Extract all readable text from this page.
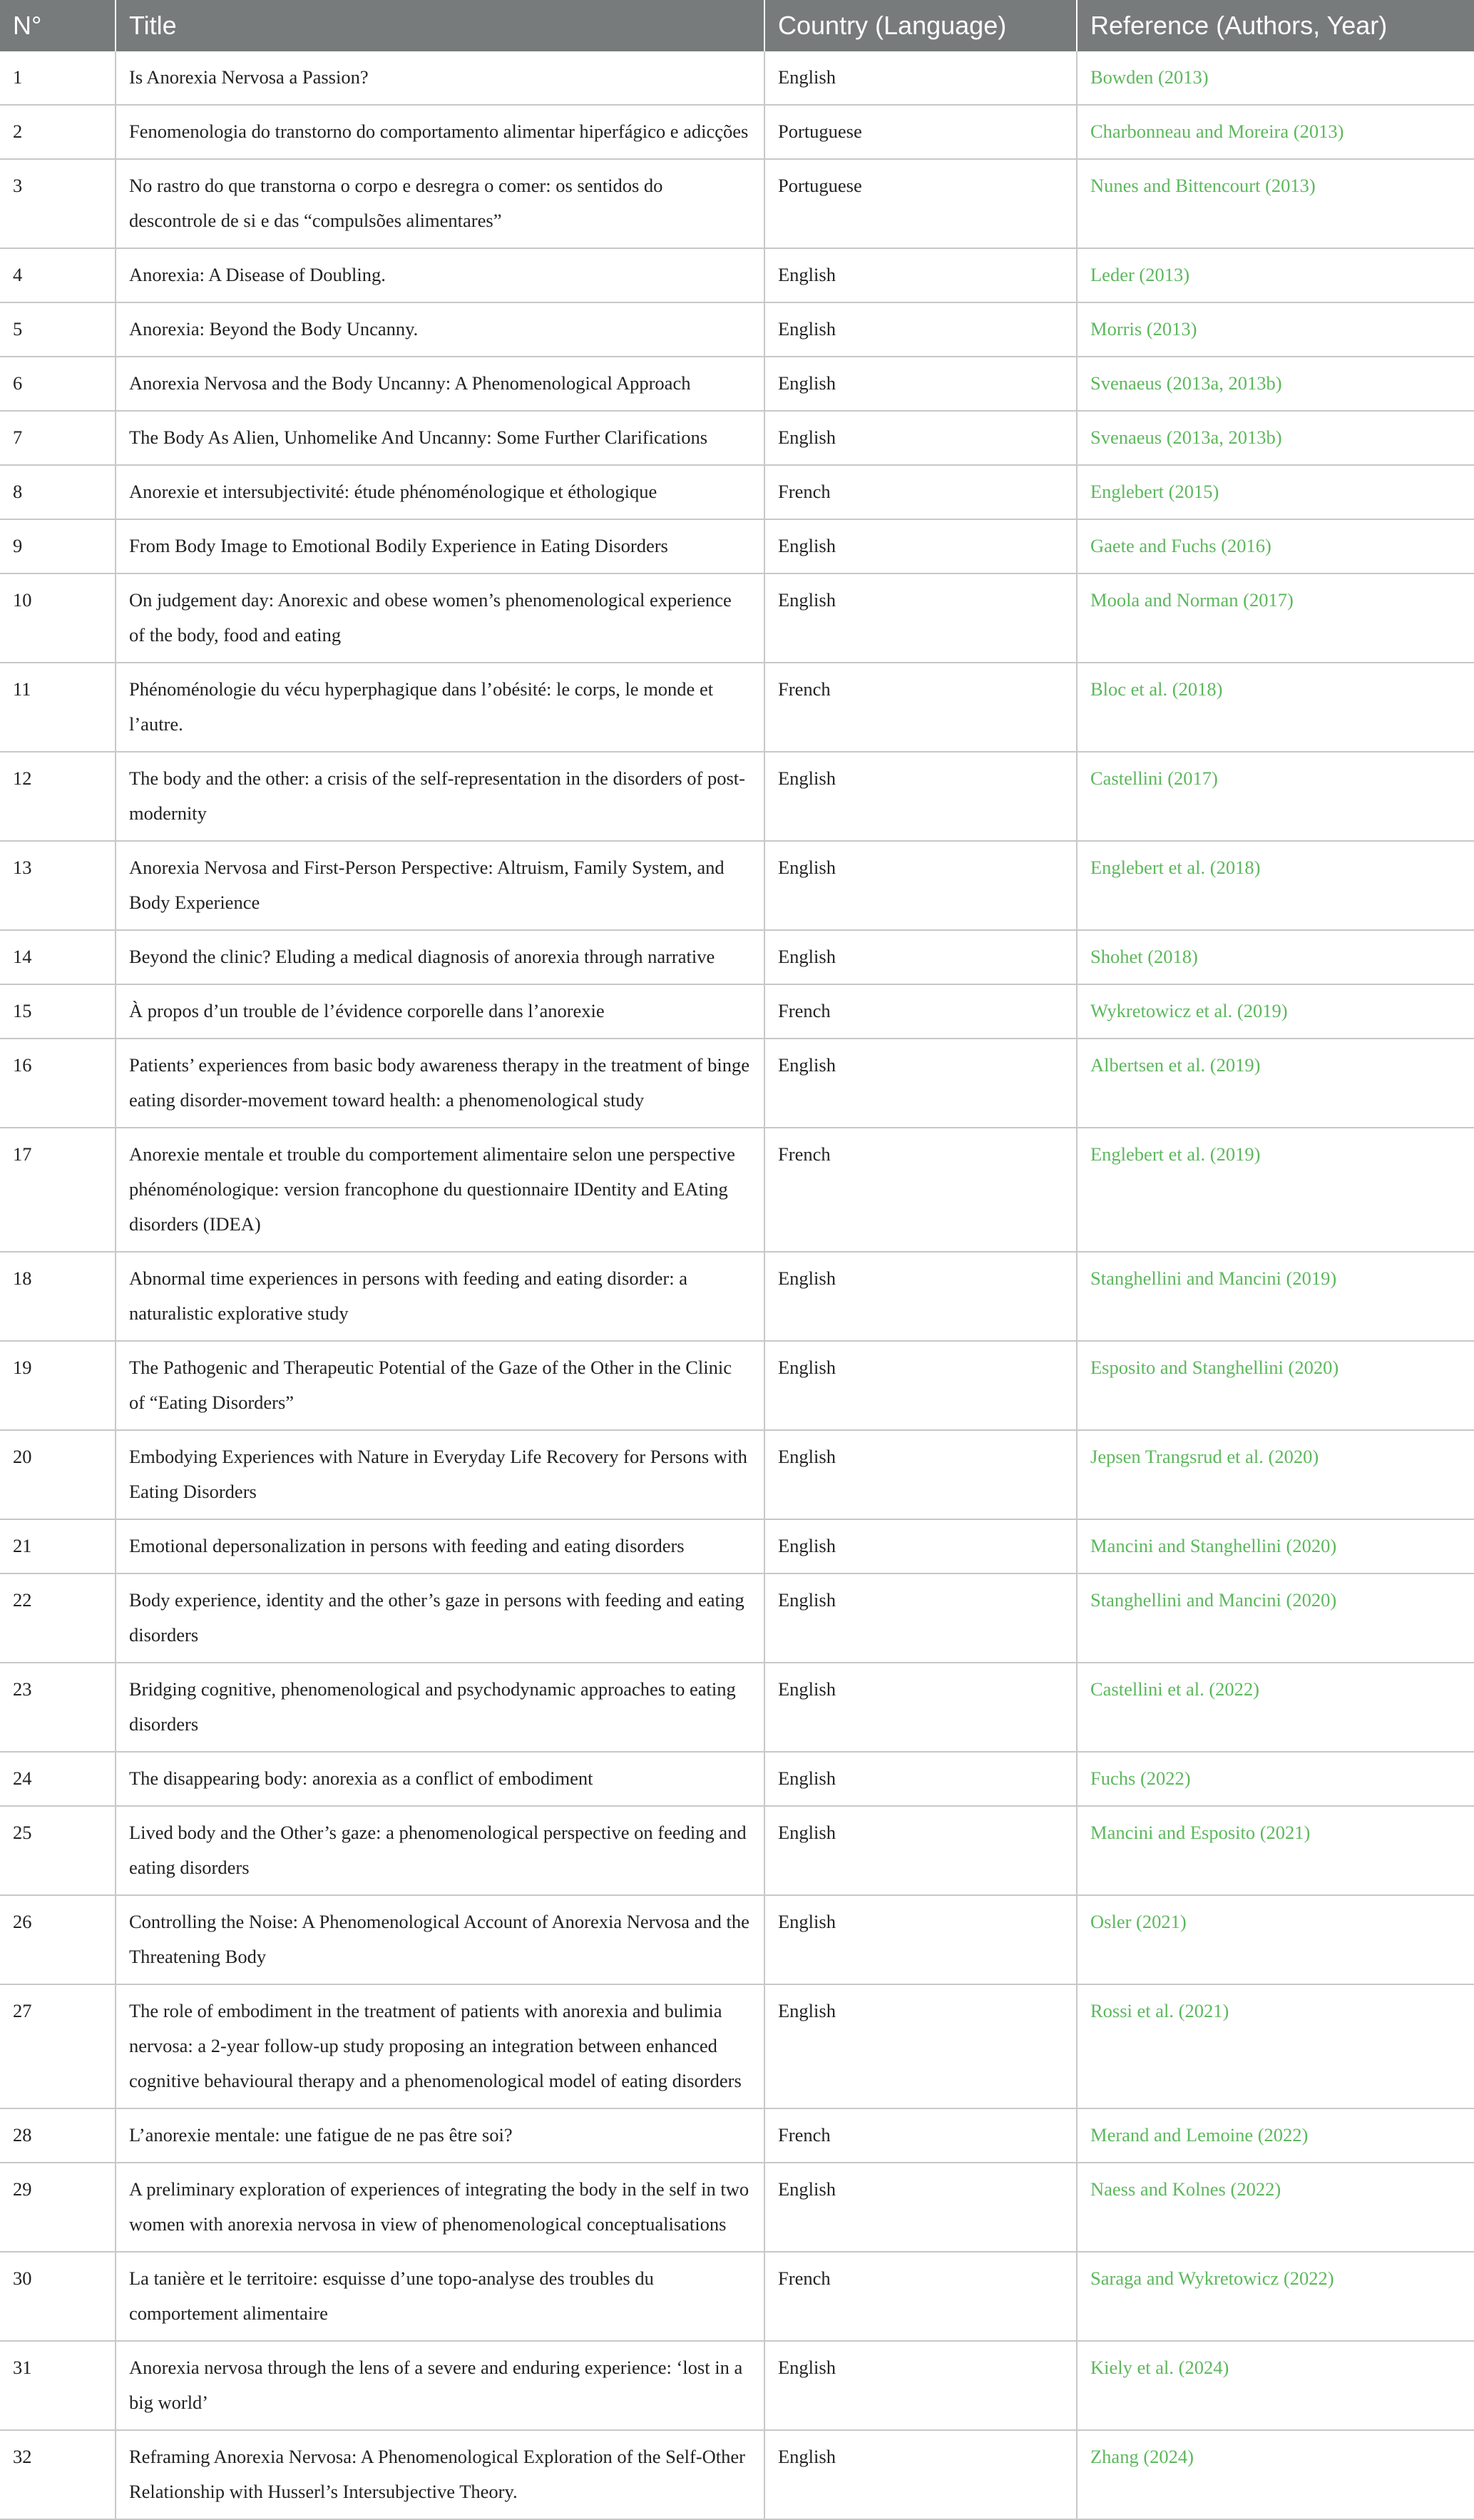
N°	Title	Country (Language)	Reference (Authors, Year)
1	Is Anorexia Nervosa a Passion?	English	Bowden (2013)
2	Fenomenologia do transtorno do comportamento alimentar hiperfágico e adicções	Portuguese	Charbonneau and Moreira (2013)
3	No rastro do que transtorna o corpo e desregra o comer: os sentidos do descontrole de si e das “compulsões alimentares”	Portuguese	Nunes and Bittencourt (2013)
4	Anorexia: A Disease of Doubling.	English	Leder (2013)
5	Anorexia: Beyond the Body Uncanny.	English	Morris (2013)
6	Anorexia Nervosa and the Body Uncanny: A Phenomenological Approach	English	Svenaeus (2013a, 2013b)
7	The Body As Alien, Unhomelike And Uncanny: Some Further Clarifications	English	Svenaeus (2013a, 2013b)
8	Anorexie et intersubjectivité: étude phénoménologique et éthologique	French	Englebert (2015)
9	From Body Image to Emotional Bodily Experience in Eating Disorders	English	Gaete and Fuchs (2016)
10	On judgement day: Anorexic and obese women’s phenomenological experience of the body, food and eating	English	Moola and Norman (2017)
11	Phénoménologie du vécu hyperphagique dans l’obésité: le corps, le monde et l’autre.	French	Bloc et al. (2018)
12	The body and the other: a crisis of the self-representation in the disorders of post-modernity	English	Castellini (2017)
13	Anorexia Nervosa and First-Person Perspective: Altruism, Family System, and Body Experience	English	Englebert et al. (2018)
14	Beyond the clinic? Eluding a medical diagnosis of anorexia through narrative	English	Shohet (2018)
15	À propos d’un trouble de l’évidence corporelle dans l’anorexie	French	Wykretowicz et al. (2019)
16	Patients’ experiences from basic body awareness therapy in the treatment of binge eating disorder-movement toward health: a phenomenological study	English	Albertsen et al. (2019)
17	Anorexie mentale et trouble du comportement alimentaire selon une perspective phénoménologique: version francophone du questionnaire IDentity and EAting disorders (IDEA)	French	Englebert et al. (2019)
18	Abnormal time experiences in persons with feeding and eating disorder: a naturalistic explorative study	English	Stanghellini and Mancini (2019)
19	The Pathogenic and Therapeutic Potential of the Gaze of the Other in the Clinic of “Eating Disorders”	English	Esposito and Stanghellini (2020)
20	Embodying Experiences with Nature in Everyday Life Recovery for Persons with Eating Disorders	English	Jepsen Trangsrud et al. (2020)
21	Emotional depersonalization in persons with feeding and eating disorders	English	Mancini and Stanghellini (2020)
22	Body experience, identity and the other’s gaze in persons with feeding and eating disorders	English	Stanghellini and Mancini (2020)
23	Bridging cognitive, phenomenological and psychodynamic approaches to eating disorders	English	Castellini et al. (2022)
24	The disappearing body: anorexia as a conflict of embodiment	English	Fuchs (2022)
25	Lived body and the Other’s gaze: a phenomenological perspective on feeding and eating disorders	English	Mancini and Esposito (2021)
26	Controlling the Noise: A Phenomenological Account of Anorexia Nervosa and the Threatening Body	English	Osler (2021)
27	The role of embodiment in the treatment of patients with anorexia and bulimia nervosa: a 2-year follow-up study proposing an integration between enhanced cognitive behavioural therapy and a phenomenological model of eating disorders	English	Rossi et al. (2021)
28	L’anorexie mentale: une fatigue de ne pas être soi?	French	Merand and Lemoine (2022)
29	A preliminary exploration of experiences of integrating the body in the self in two women with anorexia nervosa in view of phenomenological conceptualisations	English	Naess and Kolnes (2022)
30	La tanière et le territoire: esquisse d’une topo-analyse des troubles du comportement alimentaire	French	Saraga and Wykretowicz (2022)
31	Anorexia nervosa through the lens of a severe and enduring experience: ‘lost in a big world’	English	Kiely et al. (2024)
32	Reframing Anorexia Nervosa: A Phenomenological Exploration of the Self-Other Relationship with Husserl’s Intersubjective Theory.	English	Zhang (2024)
